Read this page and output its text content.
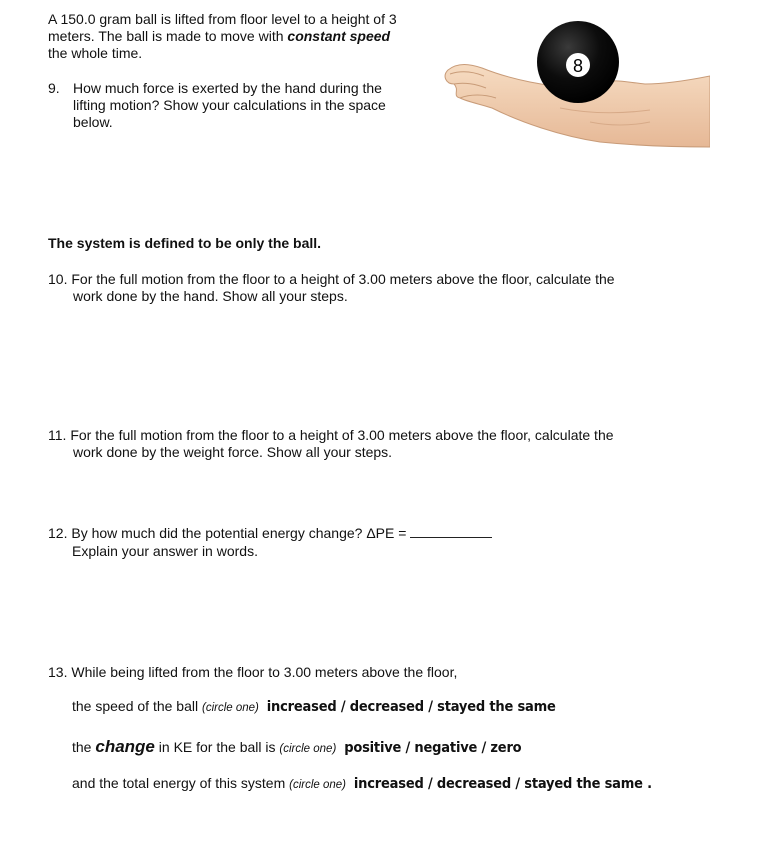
A 150.0 gram ball is lifted from floor level to a height of 3
meters. The ball is made to move with constant speed
the whole time.
8
9. How much force is exerted by the hand during the
lifting motion? Show your calculations in the space
below.
The system is defined to be only the ball.
10. For the full motion from the floor to a height of 3.00 meters above the floor, calculate the
work done by the hand. Show all your steps.
11. For the full motion from the floor to a height of 3.00 meters above the floor, calculate the
work done by the weight force. Show all your steps.
12. By how much did the potential energy change? ΔPE =
Explain your answer in words.
13. While being lifted from the floor to 3.00 meters above the floor,
the speed of the ball (circle one) increased / decreased / stayed the same
the change in KE for the ball is (circle one) positive / negative / zero
and the total energy of this system (circle one) increased / decreased / stayed the same .
